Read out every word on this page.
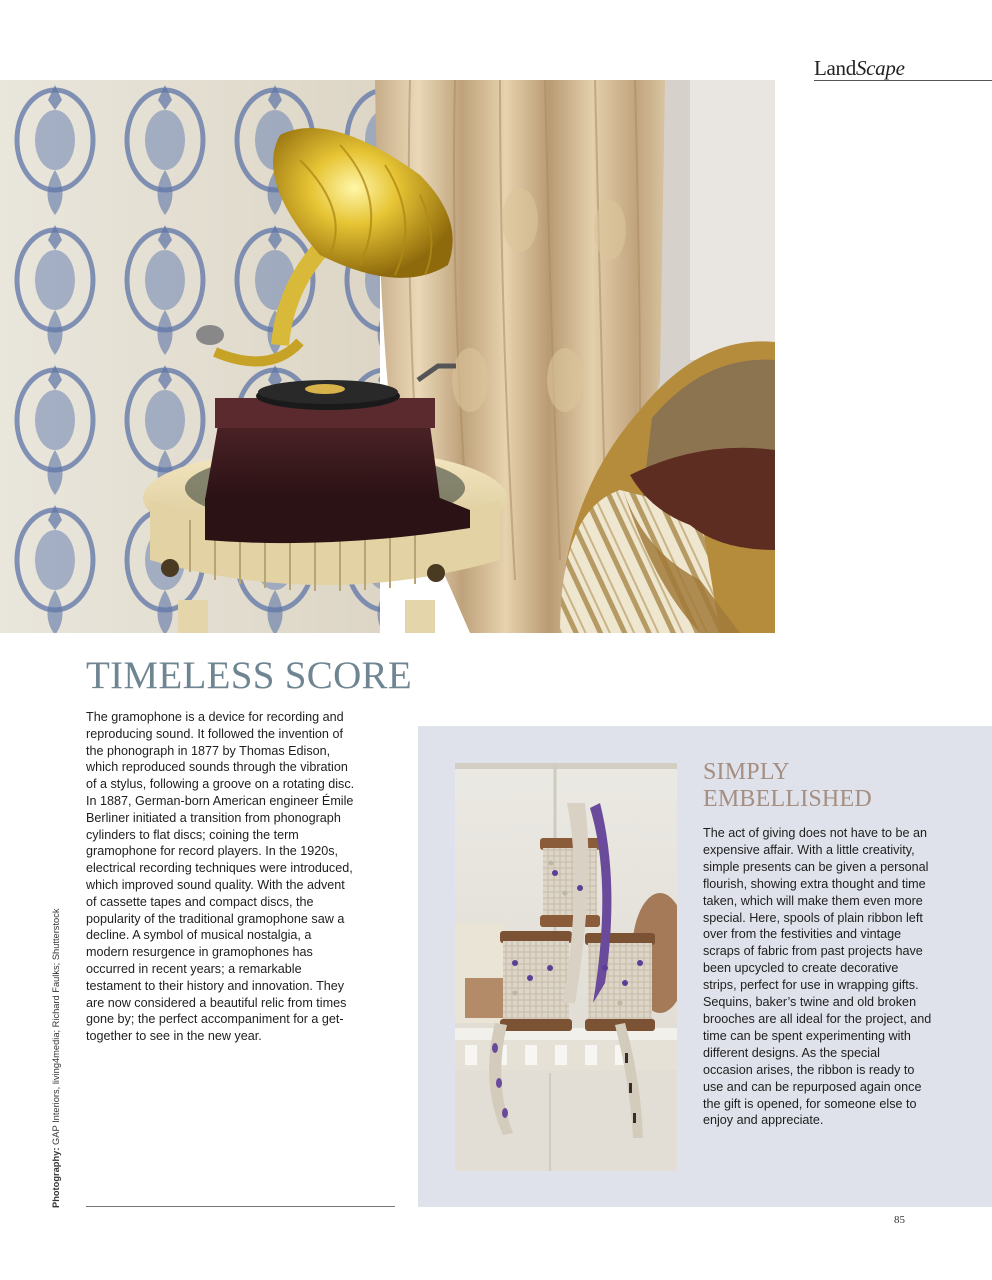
LandScape
TIMELESS SCORE

The gramophone is a device for recording and reproducing sound. It followed the invention of the phonograph in 1877 by Thomas Edison, which reproduced sounds through the vibration of a stylus, following a groove on a rotating disc. In 1887, German-born American engineer Émile Berliner initiated a transition from phonograph cylinders to flat discs; coining the term gramophone for record players. In the 1920s, electrical recording techniques were introduced, which improved sound quality. With the advent of cassette tapes and compact discs, the popularity of the traditional gramophone saw a decline. A symbol of musical nostalgia, a modern resurgence in gramophones has occurred in recent years; a remarkable testament to their history and innovation. They are now considered a beautiful relic from times gone by; the perfect accompaniment for a get-together to see in the new year.

Photography: GAP Interiors, living4media; Richard Faulks; Shutterstock
SIMPLY EMBELLISHED

The act of giving does not have to be an expensive affair. With a little creativity, simple presents can be given a personal flourish, showing extra thought and time taken, which will make them even more special. Here, spools of plain ribbon left over from the festivities and vintage scraps of fabric from past projects have been upcycled to create decorative strips, perfect for use in wrapping gifts. Sequins, baker’s twine and old broken brooches are all ideal for the project, and time can be spent experimenting with different designs. As the special occasion arises, the ribbon is ready to use and can be repurposed again once the gift is opened, for someone else to enjoy and appreciate.

85
